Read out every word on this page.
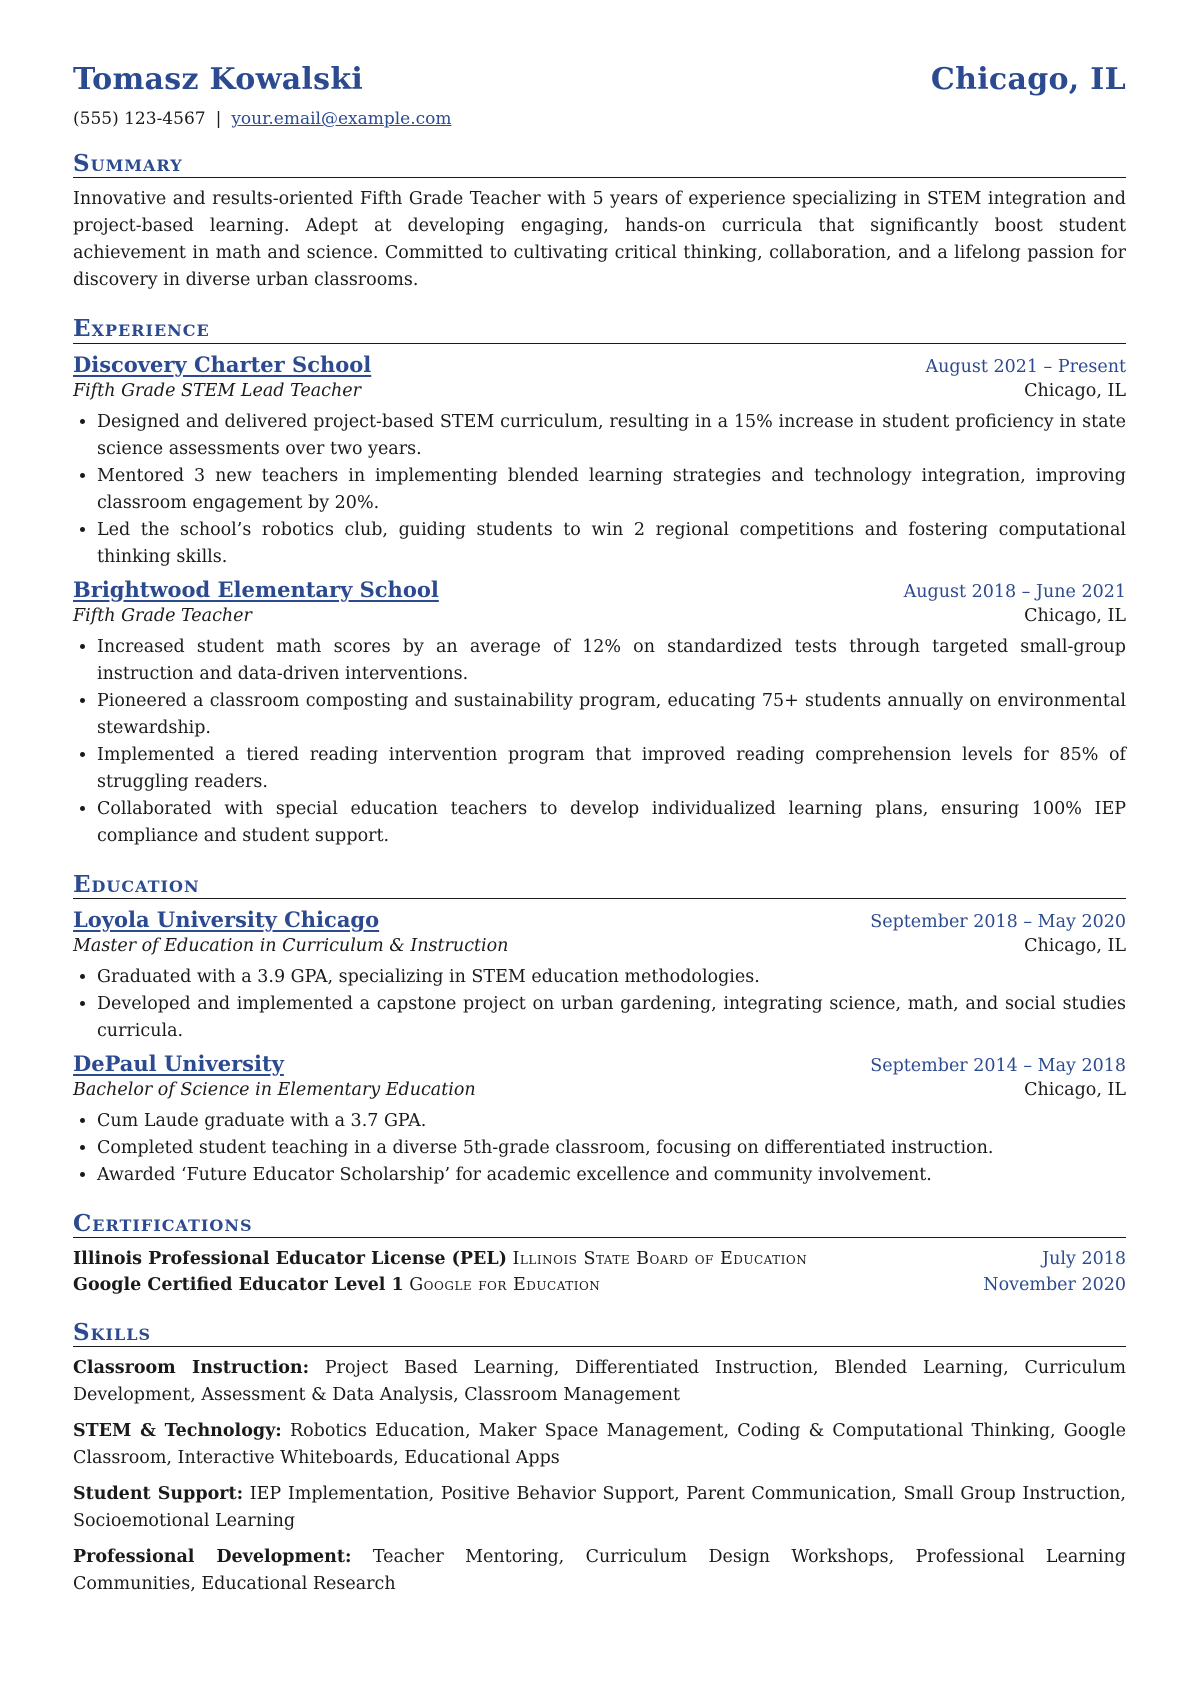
Tomasz Kowalski	Chicago, IL
(555) 123-4567 | your.email@example.com
Summary
Innovative and results-oriented Fifth Grade Teacher with 5 years of experience specializing in STEM integration and project-based learning. Adept at developing engaging, hands-on curricula that significantly boost student achievement in math and science. Committed to cultivating critical thinking, collaboration, and a lifelong passion for discovery in diverse urban classrooms.
Experience
Discovery Charter School	August 2021 – Present
Fifth Grade STEM Lead Teacher	Chicago, IL
• Designed and delivered project-based STEM curriculum, resulting in a 15% increase in student proficiency in state science assessments over two years.
• Mentored 3 new teachers in implementing blended learning strategies and technology integration, improving classroom engagement by 20%.
• Led the school’s robotics club, guiding students to win 2 regional competitions and fostering computational thinking skills.
Brightwood Elementary School	August 2018 – June 2021
Fifth Grade Teacher	Chicago, IL
• Increased student math scores by an average of 12% on standardized tests through targeted small-group instruction and data-driven interventions.
• Pioneered a classroom composting and sustainability program, educating 75+ students annually on environmental stewardship.
• Implemented a tiered reading intervention program that improved reading comprehension levels for 85% of struggling readers.
• Collaborated with special education teachers to develop individualized learning plans, ensuring 100% IEP compliance and student support.
Education
Loyola University Chicago	September 2018 – May 2020
Master of Education in Curriculum & Instruction	Chicago, IL
• Graduated with a 3.9 GPA, specializing in STEM education methodologies.
• Developed and implemented a capstone project on urban gardening, integrating science, math, and social studies curricula.
DePaul University	September 2014 – May 2018
Bachelor of Science in Elementary Education	Chicago, IL
• Cum Laude graduate with a 3.7 GPA.
• Completed student teaching in a diverse 5th-grade classroom, focusing on differentiated instruction.
• Awarded ‘Future Educator Scholarship’ for academic excellence and community involvement.
Certifications
Illinois Professional Educator License (PEL) Illinois State Board of Education	July 2018
Google Certified Educator Level 1 Google for Education	November 2020
Skills
Classroom Instruction: Project Based Learning, Differentiated Instruction, Blended Learning, Curriculum Development, Assessment & Data Analysis, Classroom Management
STEM & Technology: Robotics Education, Maker Space Management, Coding & Computational Thinking, Google Classroom, Interactive Whiteboards, Educational Apps
Student Support: IEP Implementation, Positive Behavior Support, Parent Communication, Small Group Instruction, Socioemotional Learning
Professional Development: Teacher Mentoring, Curriculum Design Workshops, Professional Learning Communities, Educational Research
